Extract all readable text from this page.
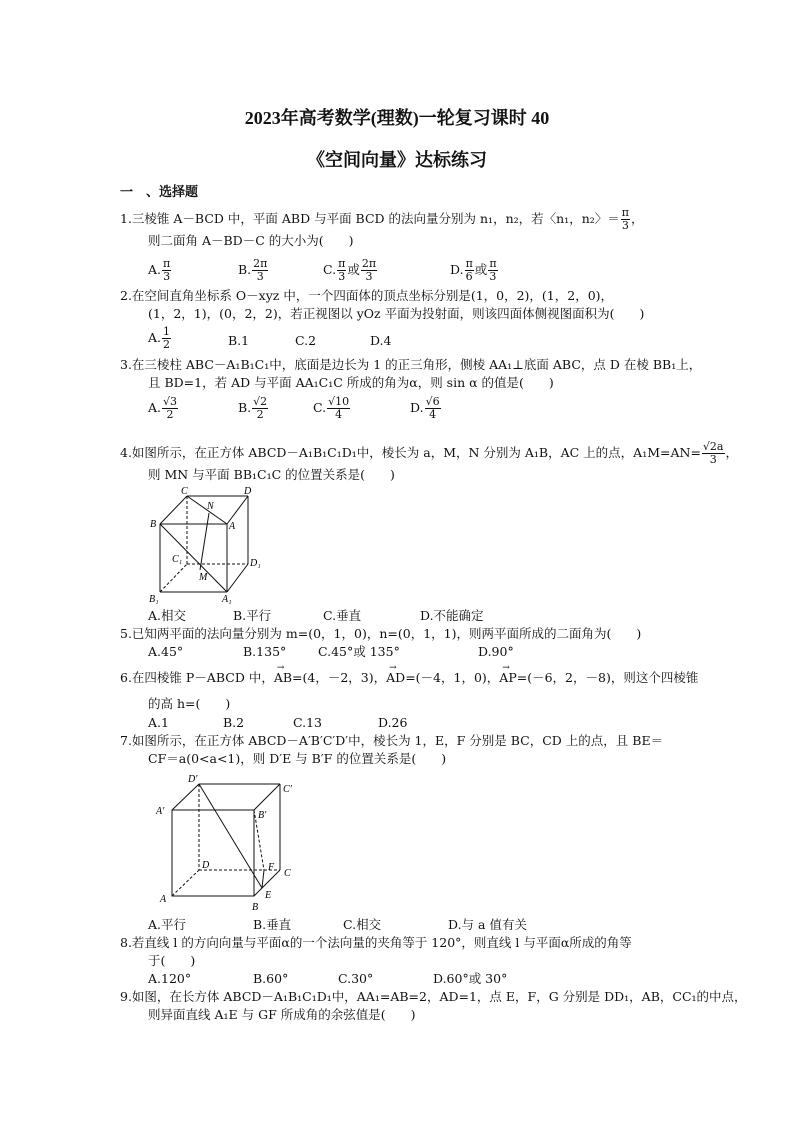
2023年高考数学(理数)一轮复习课时 40
《空间向量》达标练习
一　、选择题
1.三棱锥 A－BCD 中，平面 ABD 与平面 BCD 的法向量分别为 n₁，n₂，若〈n₁，n₂〉＝ $\frac{\pi}{3}$ ，
则二面角 A－BD－C 的大小为(　　)
A. $\frac{\pi}{3}$	B. $\frac{2\pi}{3}$	C. $\frac{\pi}{3}$ 或 $\frac{2\pi}{3}$	D. $\frac{\pi}{6}$ 或 $\frac{\pi}{3}$
2.在空间直角坐标系 O－xyz 中，一个四面体的顶点坐标分别是(1，0，2)，(1，2，0)，
(1，2，1)，(0，2，2)，若正视图以 yOz 平面为投射面，则该四面体侧视图面积为(　　)
A. $\frac{1}{2}$	B.1	C.2	D.4
3.在三棱柱 ABC－A₁B₁C₁中，底面是边长为 1 的正三角形，侧棱 AA₁⊥底面 ABC，点 D 在棱 BB₁上，
且 BD=1，若 AD 与平面 AA₁C₁C 所成的角为α，则 sin α 的值是(　　)
A. $\frac{√3}{2}$	B. $\frac{√2}{2}$	C. $\frac{√10}{4}$	D. $\frac{√6}{4}$
4.如图所示，在正方体 ABCD－A₁B₁C₁D₁中，棱长为 a，M，N 分别为 A₁B，AC 上的点，$A_1M=AN= \frac{√2a}{3}$ ，
则 MN 与平面 BB₁C₁C 的位置关系是(　　)
C	D
N
B	A
C₁	D₁
M
B₁	A₁
A.相交	B.平行	C.垂直	D.不能确定
5.已知两平面的法向量分别为 m=(0，1，0)，n=(0，1，1)，则两平面所成的二面角为(　　)
A.45°	B.135°	C.45°或 135°	D.90°
6.在四棱锥 P－ABCD 中，→ AB=(4，－2，3)，→ AD=(－4，1，0)，→ AP=(－6，2，－8)，则这个四棱锥
的高 h=(　　)
A.1	B.2	C.13	D.26
7.如图所示，在正方体 ABCD－A′B′C′D′中，棱长为 1，E，F 分别是 BC，CD 上的点，且 BE＝
CF＝a(0<a<1)，则 D′E 与 B′F 的位置关系是(　　)
D′
C′
A′	B′
D	F
C
A
B
E
A.平行	B.垂直	C.相交	D.与 a 值有关
8.若直线 l 的方向向量与平面α的一个法向量的夹角等于 120°，则直线 l 与平面α所成的角等
于(　　)
A.120°	B.60°	C.30°	D.60°或 30°
9.如图，在长方体 ABCD－A₁B₁C₁D₁中，AA₁=AB=2，AD=1，点 E，F，G 分别是 DD₁，AB，CC₁的中点，
则异面直线 A₁E 与 GF 所成角的余弦值是(　　)
